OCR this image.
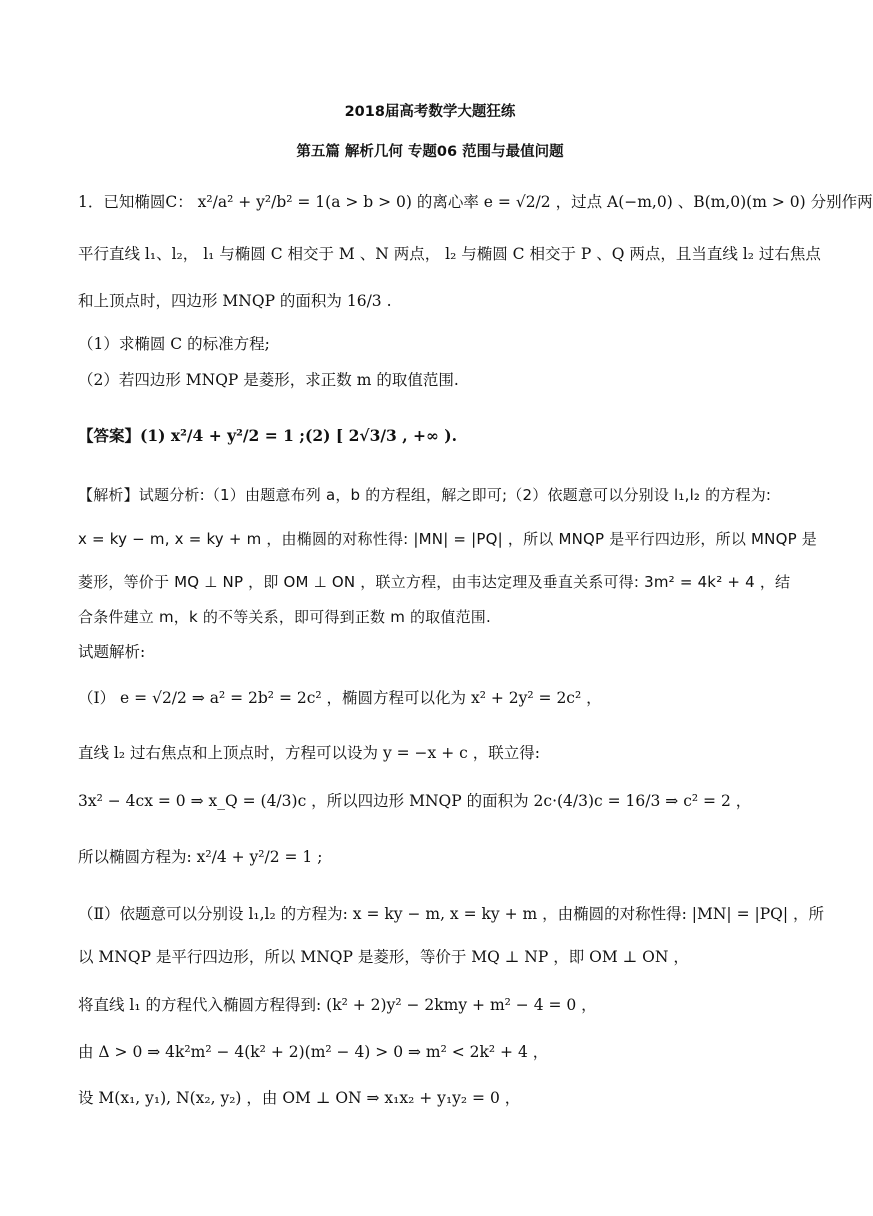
2018届高考数学大题狂练
第五篇 解析几何 专题06 范围与最值问题
1．已知椭圆C： x²/a² + y²/b² = 1(a > b > 0) 的离心率 e = √2/2 ，过点 A(−m,0) 、B(m,0)(m > 0) 分别作两
平行直线 l₁、l₂， l₁ 与椭圆 C 相交于 M 、N 两点， l₂ 与椭圆 C 相交于 P 、Q 两点，且当直线 l₂ 过右焦点
和上顶点时，四边形 MNQP 的面积为 16/3 .
（1）求椭圆 C 的标准方程;
（2）若四边形 MNQP 是菱形，求正数 m 的取值范围.
【答案】(1) x²/4 + y²/2 = 1 ;(2) [ 2√3/3 , +∞ ).
【解析】试题分析:（1）由题意布列 a，b 的方程组，解之即可;（2）依题意可以分别设 l₁,l₂ 的方程为:
x = ky − m, x = ky + m ，由椭圆的对称性得: |MN| = |PQ| ，所以 MNQP 是平行四边形，所以 MNQP 是
菱形，等价于 MQ ⊥ NP ，即 OM ⊥ ON ，联立方程，由韦达定理及垂直关系可得: 3m² = 4k² + 4 ，结
合条件建立 m，k 的不等关系，即可得到正数 m 的取值范围.
试题解析:
（Ⅰ） e = √2/2 ⇒ a² = 2b² = 2c² ，椭圆方程可以化为 x² + 2y² = 2c² ，
直线 l₂ 过右焦点和上顶点时，方程可以设为 y = −x + c ，联立得:
3x² − 4cx = 0 ⇒ x_Q = (4/3)c ，所以四边形 MNQP 的面积为 2c·(4/3)c = 16/3 ⇒ c² = 2 ，
所以椭圆方程为: x²/4 + y²/2 = 1 ;
（Ⅱ）依题意可以分别设 l₁,l₂ 的方程为: x = ky − m, x = ky + m ，由椭圆的对称性得: |MN| = |PQ| ，所
以 MNQP 是平行四边形，所以 MNQP 是菱形，等价于 MQ ⊥ NP ，即 OM ⊥ ON ，
将直线 l₁ 的方程代入椭圆方程得到: (k² + 2)y² − 2kmy + m² − 4 = 0 ，
由 Δ > 0 ⇒ 4k²m² − 4(k² + 2)(m² − 4) > 0 ⇒ m² < 2k² + 4 ，
设 M(x₁, y₁), N(x₂, y₂) ，由 OM ⊥ ON ⇒ x₁x₂ + y₁y₂ = 0 ，
